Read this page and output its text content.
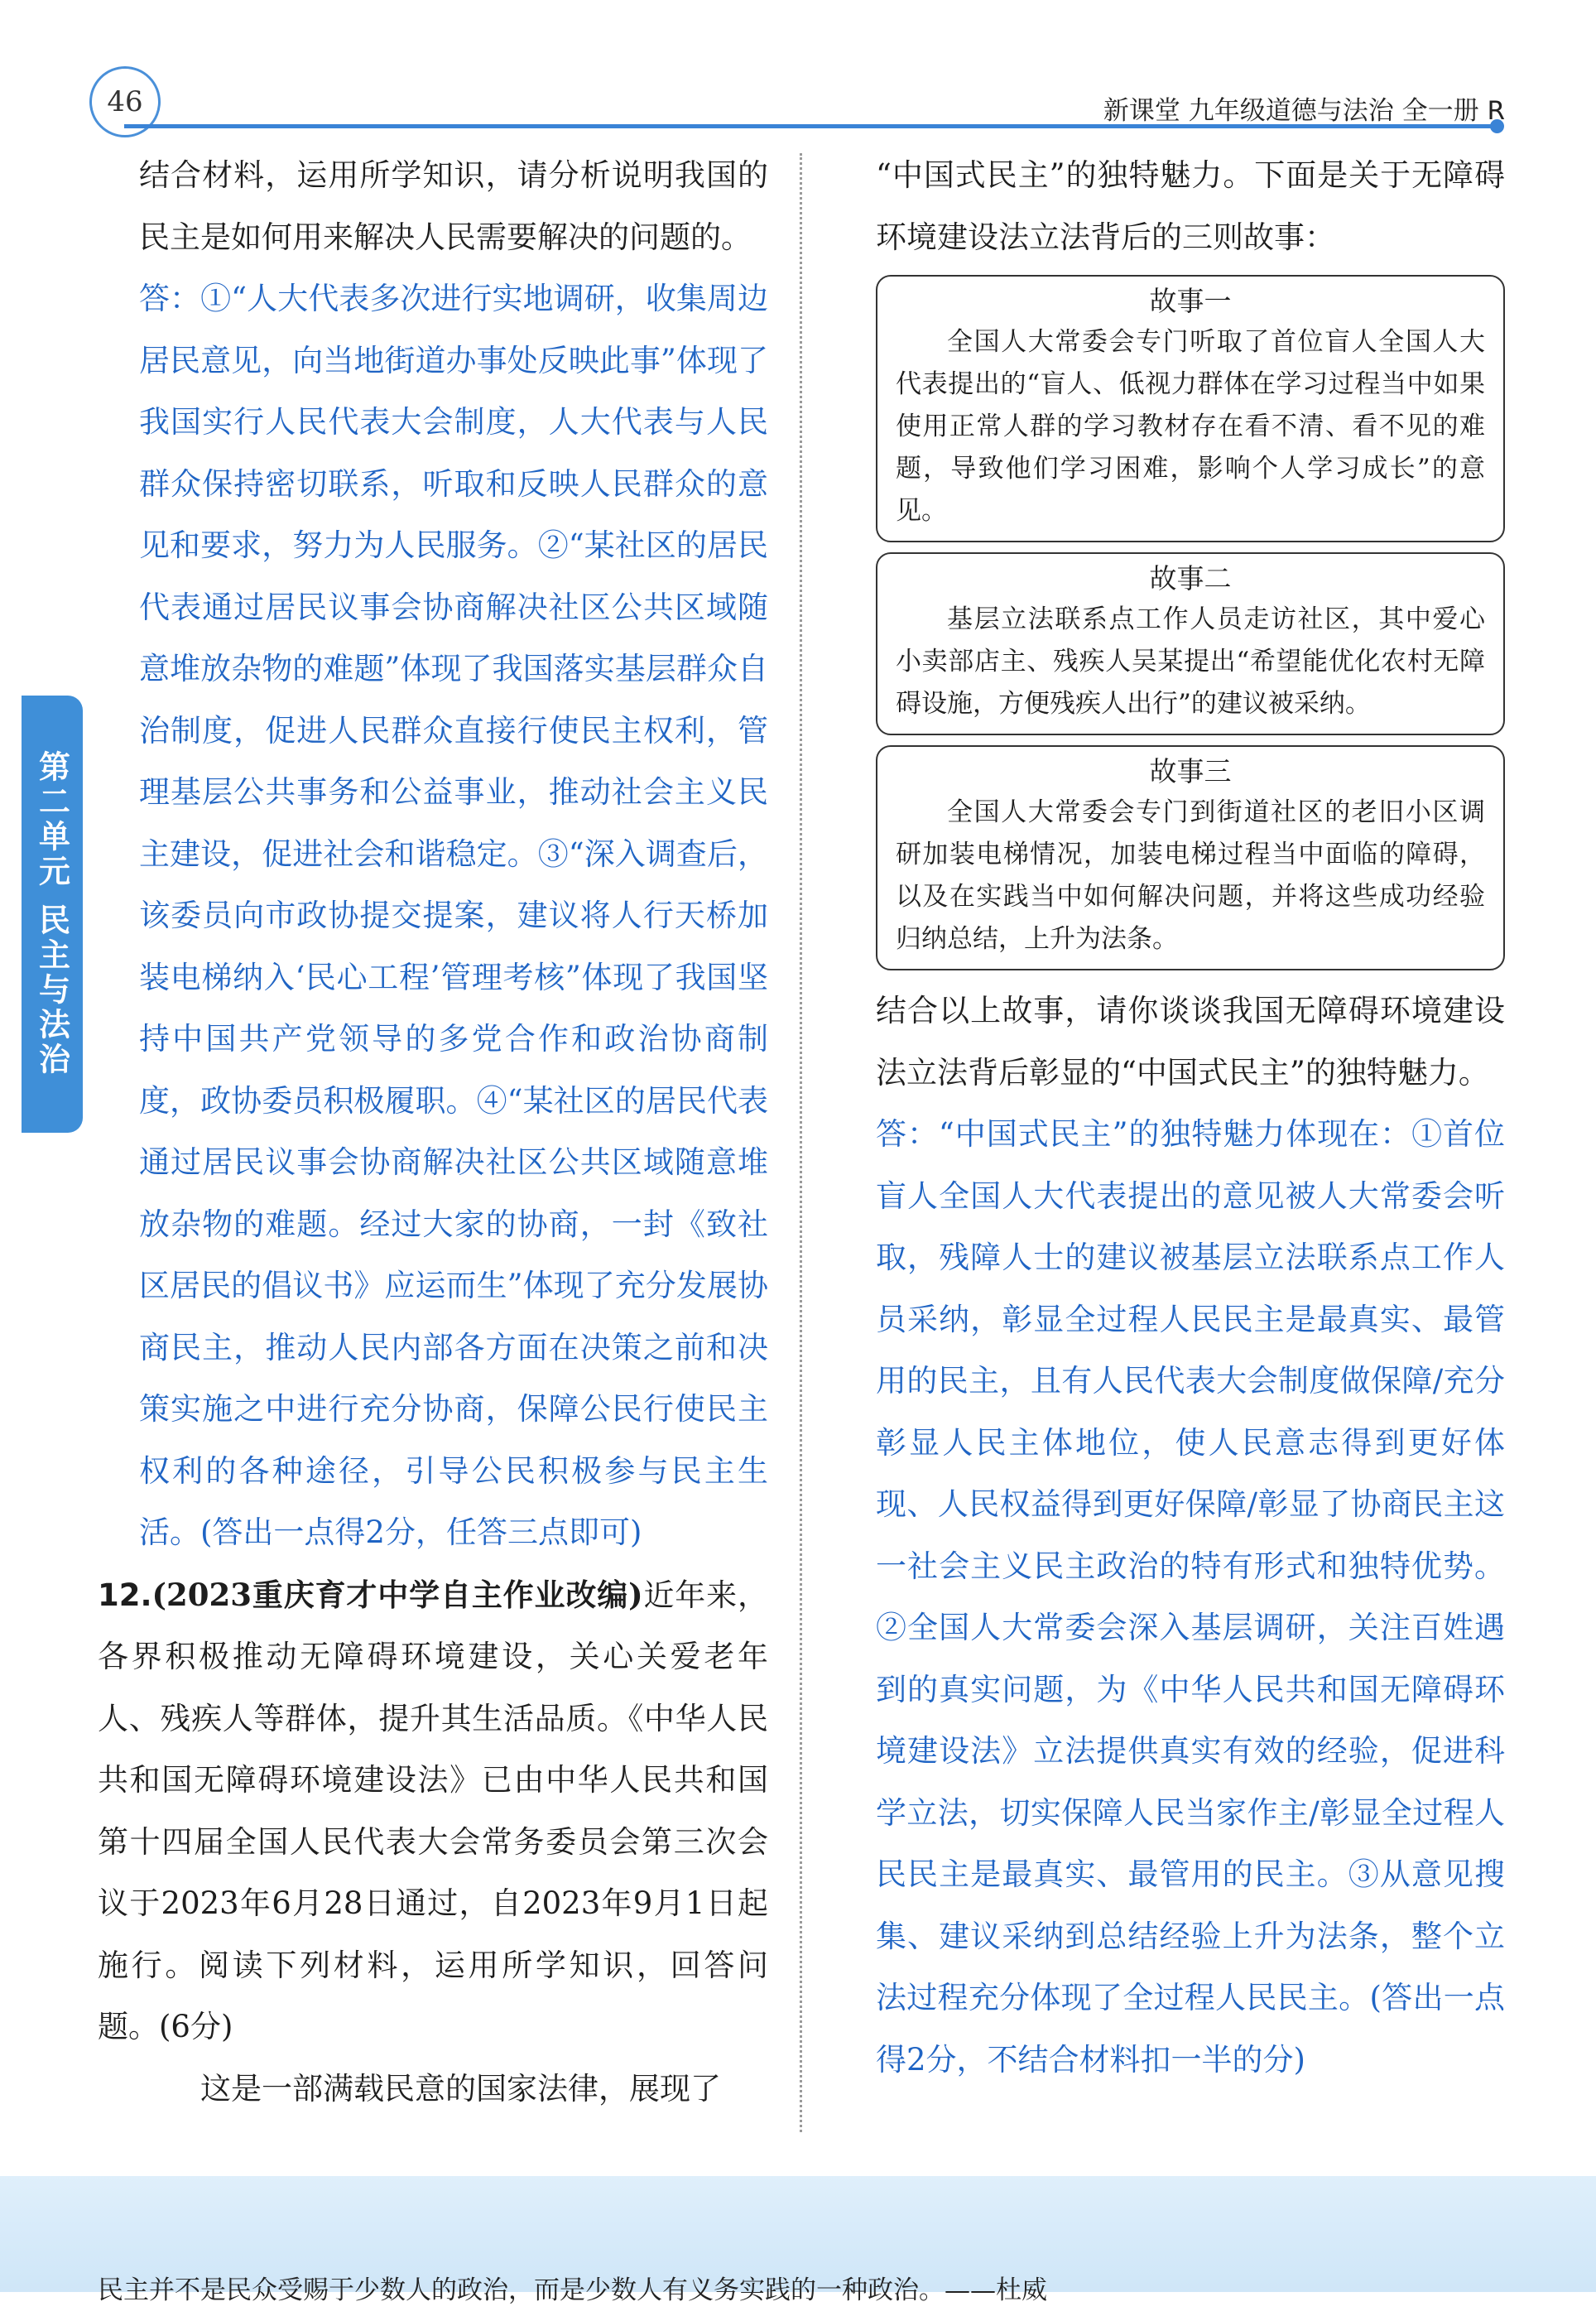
46	新课堂 九年级道德与法治 全一册 R
第二单元 民主与法治

结合材料，运用所学知识，请分析说明我国的民主是如何用来解决人民需要解决的问题的。

答：①“人大代表多次进行实地调研，收集周边居民意见，向当地街道办事处反映此事”体现了我国实行人民代表大会制度，人大代表与人民群众保持密切联系，听取和反映人民群众的意见和要求，努力为人民服务。②“某社区的居民代表通过居民议事会协商解决社区公共区域随意堆放杂物的难题”体现了我国落实基层群众自治制度，促进人民群众直接行使民主权利，管理基层公共事务和公益事业，推动社会主义民主建设，促进社会和谐稳定。③“深入调查后，该委员向市政协提交提案，建议将人行天桥加装电梯纳入‘民心工程’管理考核”体现了我国坚持中国共产党领导的多党合作和政治协商制度，政协委员积极履职。④“某社区的居民代表通过居民议事会协商解决社区公共区域随意堆放杂物的难题。经过大家的协商，一封《致社区居民的倡议书》应运而生”体现了充分发展协商民主，推动人民内部各方面在决策之前和决策实施之中进行充分协商，保障公民行使民主权利的各种途径，引导公民积极参与民主生活。(答出一点得2分，任答三点即可)

12.(2023重庆育才中学自主作业改编)近年来，各界积极推动无障碍环境建设，关心关爱老年人、残疾人等群体，提升其生活品质。《中华人民共和国无障碍环境建设法》已由中华人民共和国第十四届全国人民代表大会常务委员会第三次会议于2023年6月28日通过，自2023年9月1日起施行。阅读下列材料，运用所学知识，回答问题。(6分)

这是一部满载民意的国家法律，展现了

“中国式民主”的独特魅力。下面是关于无障碍环境建设法立法背后的三则故事：

故事一
全国人大常委会专门听取了首位盲人全国人大代表提出的“盲人、低视力群体在学习过程当中如果使用正常人群的学习教材存在看不清、看不见的难题，导致他们学习困难，影响个人学习成长”的意见。
故事二
基层立法联系点工作人员走访社区，其中爱心小卖部店主、残疾人吴某提出“希望能优化农村无障碍设施，方便残疾人出行”的建议被采纳。
故事三
全国人大常委会专门到街道社区的老旧小区调研加装电梯情况，加装电梯过程当中面临的障碍，以及在实践当中如何解决问题，并将这些成功经验归纳总结，上升为法条。

结合以上故事，请你谈谈我国无障碍环境建设法立法背后彰显的“中国式民主”的独特魅力。

答：“中国式民主”的独特魅力体现在：①首位盲人全国人大代表提出的意见被人大常委会听取，残障人士的建议被基层立法联系点工作人员采纳，彰显全过程人民民主是最真实、最管用的民主，且有人民代表大会制度做保障/充分彰显人民主体地位，使人民意志得到更好体现、人民权益得到更好保障/彰显了协商民主这一社会主义民主政治的特有形式和独特优势。②全国人大常委会深入基层调研，关注百姓遇到的真实问题，为《中华人民共和国无障碍环境建设法》立法提供真实有效的经验，促进科学立法，切实保障人民当家作主/彰显全过程人民民主是最真实、最管用的民主。③从意见搜集、建议采纳到总结经验上升为法条，整个立法过程充分体现了全过程人民民主。(答出一点得2分，不结合材料扣一半的分)

民主并不是民众受赐于少数人的政治，而是少数人有义务实践的一种政治。——杜威
